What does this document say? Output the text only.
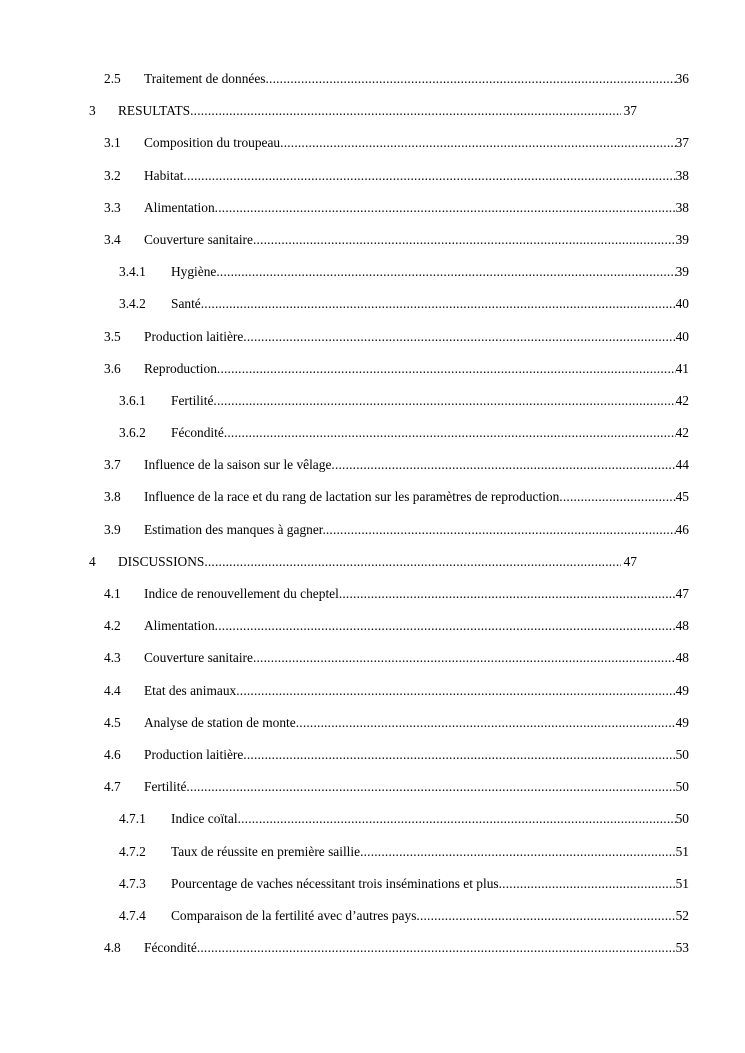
2.5 Traitement de données .....	36
3 RESULTATS .....	37
3.1 Composition du troupeau .....	37
3.2 Habitat .....	38
3.3 Alimentation .....	38
3.4 Couverture sanitaire .....	39
3.4.1 Hygiène .....	39
3.4.2 Santé .....	40
3.5 Production laitière .....	40
3.6 Reproduction .....	41
3.6.1 Fertilité .....	42
3.6.2 Fécondité .....	42
3.7 Influence de la saison sur le vêlage .....	44
3.8 Influence de la race et du rang de lactation sur les paramètres de reproduction .....	45
3.9 Estimation des manques à gagner. .....	46
4 DISCUSSIONS .....	47
4.1 Indice de renouvellement du cheptel .....	47
4.2 Alimentation .....	48
4.3 Couverture sanitaire .....	48
4.4 Etat des animaux .....	49
4.5 Analyse de station de monte .....	49
4.6 Production laitière .....	50
4.7 Fertilité .....	50
4.7.1 Indice coïtal .....	50
4.7.2 Taux de réussite en première saillie .....	51
4.7.3 Pourcentage de vaches nécessitant trois inséminations et plus .....	51
4.7.4 Comparaison de la fertilité avec d’autres pays .....	52
4.8 Fécondité .....	53
